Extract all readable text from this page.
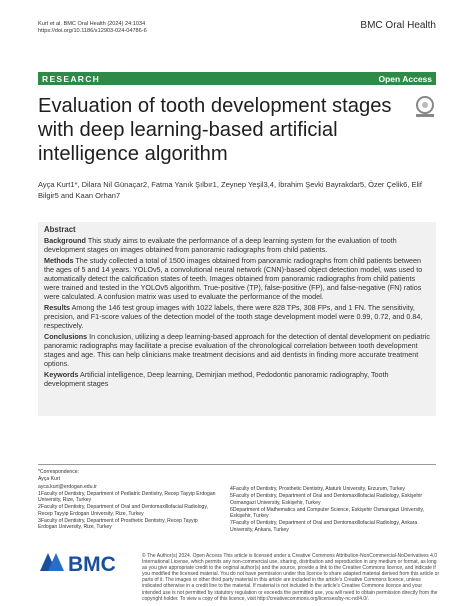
Kurt et al. BMC Oral Health (2024) 24:1034
https://doi.org/10.1186/s12903-024-04786-6	BMC Oral Health
RESEARCH	Open Access
Evaluation of tooth development stages with deep learning-based artificial intelligence algorithm
Ayça Kurt1*, Dilara Nil Günaçar2, Fatma Yanık Şılbır1, Zeynep Yeşil3,4, İbrahim Şevki Bayrakdar5, Özer Çelik6, Elif Bilgir5 and Kaan Orhan7
Abstract

Background This study aims to evaluate the performance of a deep learning system for the evaluation of tooth development stages on images obtained from panoramic radiographs from child patients.

Methods The study collected a total of 1500 images obtained from panoramic radiographs from child patients between the ages of 5 and 14 years. YOLOv5, a convolutional neural network (CNN)-based object detection model, was used to automatically detect the calcification states of teeth. Images obtained from panoramic radiographs from child patients were trained and tested in the YOLOv5 algorithm. True-positive (TP), false-positive (FP), and false-negative (FN) ratios were calculated. A confusion matrix was used to evaluate the performance of the model.

Results Among the 146 test group images with 1022 labels, there were 828 TPs, 308 FPs, and 1 FN. The sensitivity, precision, and F1-score values of the detection model of the tooth stage development model were 0.99, 0.72, and 0.84, respectively.

Conclusions In conclusion, utilizing a deep learning-based approach for the detection of dental development on pediatric panoramic radiographs may facilitate a precise evaluation of the chronological correlation between tooth development stages and age. This can help clinicians make treatment decisions and aid dentists in finding more accurate treatment options.

Keywords Artificial intelligence, Deep learning, Demirjian method, Pedodontic panoramic radiography, Tooth development stages

*Correspondence:

Ayça Kurt

ayca.kurt@erdogan.edu.tr

1Faculty of Dentistry, Department of Pediatric Dentistry, Recep Tayyip Erdogan University, Rize, Turkey

2Faculty of Dentistry, Department of Oral and Dentomaxillofacial Radiology, Recep Tayyip Erdogan University, Rize, Turkey

3Faculty of Dentistry, Department of Prosthetic Dentistry, Recep Tayyip Erdogan University, Rize, Turkey

4Faculty of Dentistry, Prosthetic Dentistry, Ataturk University, Erzurum, Turkey

5Faculty of Dentistry, Department of Oral and Dentomaxillofacial Radiology, Eskişehir Osmangazi University, Eskişehir, Turkey

6Department of Mathematics and Computer Science, Eskişehir Osmangazi University, Eskişehir, Turkey

7Faculty of Dentistry, Department of Oral and Dentomaxillofacial Radiology, Ankara University, Ankara, Turkey

BMC	© The Author(s) 2024. Open Access This article is licensed under a Creative Commons Attribution-NonCommercial-NoDerivatives 4.0 International License, which permits any non-commercial use, sharing, distribution and reproduction in any medium or format, as long as you give appropriate credit to the original author(s) and the source, provide a link to the Creative Commons licence, and indicate if you modified the licensed material. You do not have permission under this licence to share adapted material derived from this article or parts of it. The images or other third party material in this article are included in the article's Creative Commons licence, unless indicated otherwise in a credit line to the material. If material is not included in the article's Creative Commons licence and your intended use is not permitted by statutory regulation or exceeds the permitted use, you will need to obtain permission directly from the copyright holder. To view a copy of this licence, visit http://creativecommons.org/licenses/by-nc-nd/4.0/.
